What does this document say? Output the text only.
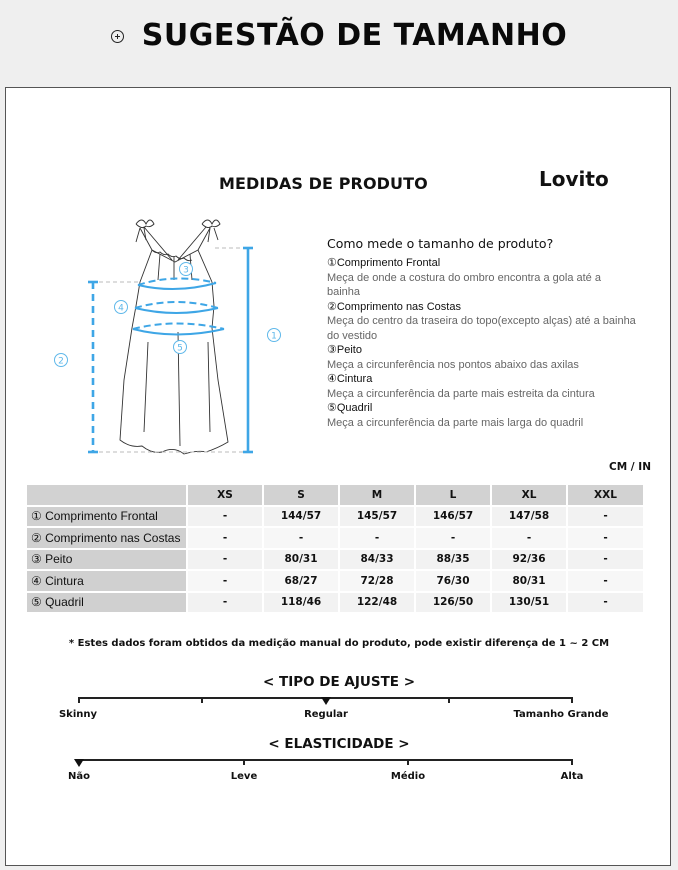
SUGESTÃO DE TAMANHO
MEDIDAS DE PRODUTO	Lovito
1
2
3
4
5
Como mede o tamanho de produto?
①Comprimento Frontal
Meça de onde a costura do ombro encontra a gola até a bainha
②Comprimento nas Costas
Meça do centro da traseira do topo(excepto alças) até a bainha do vestido
③Peito
Meça a circunferência nos pontos abaixo das axilas
④Cintura
Meça a circunferência da parte mais estreita da cintura
⑤Quadril
Meça a circunferência da parte mais larga do quadril
CM / IN
	XS	S	M	L	XL	XXL
① Comprimento Frontal	-	144/57	145/57	146/57	147/58	-
② Comprimento nas Costas	-	-	-	-	-	-
③ Peito	-	80/31	84/33	88/35	92/36	-
④ Cintura	-	68/27	72/28	76/30	80/31	-
⑤ Quadril	-	118/46	122/48	126/50	130/51	-
* Estes dados foram obtidos da medição manual do produto, pode existir diferença de 1 ~ 2 CM
< TIPO DE AJUSTE >
Skinny	Regular	Tamanho Grande
< ELASTICIDADE >
Não	Leve	Médio	Alta
